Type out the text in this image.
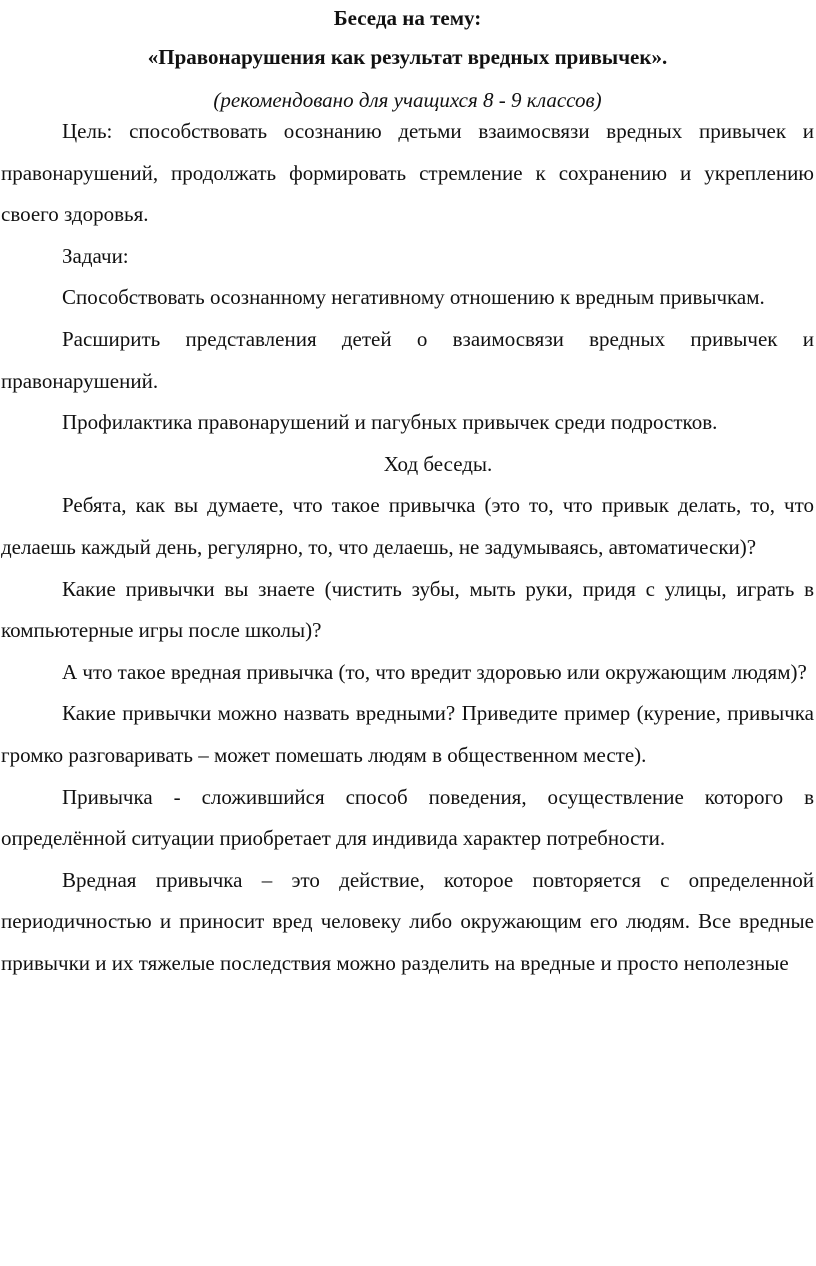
Беседа на тему:
«Правонарушения как результат вредных привычек».
(рекомендовано для учащихся 8 - 9 классов)

Цель: способствовать осознанию детьми взаимосвязи вредных привычек и правонарушений, продолжать формировать стремление к сохранению и укреплению своего здоровья.

Задачи:

Способствовать осознанному негативному отношению к вредным привычкам.

Расширить представления детей о взаимосвязи вредных привычек и правонарушений.

Профилактика правонарушений и пагубных привычек среди подростков.

Ход беседы.

Ребята, как вы думаете, что такое привычка (это то, что привык делать, то, что делаешь каждый день, регулярно, то, что делаешь, не задумываясь, автоматически)?

Какие привычки вы знаете (чистить зубы, мыть руки, придя с улицы, играть в компьютерные игры после школы)?

А что такое вредная привычка (то, что вредит здоровью или окружающим людям)?

Какие привычки можно назвать вредными? Приведите пример (курение, привычка громко разговаривать – может помешать людям в общественном месте).

Привычка - сложившийся способ поведения, осуществление которого в определённой ситуации приобретает для индивида характер потребности.

Вредная привычка – это действие, которое повторяется с определенной периодичностью и приносит вред человеку либо окружающим его людям. Все вредные привычки и их тяжелые последствия можно разделить на вредные и просто неполезные
